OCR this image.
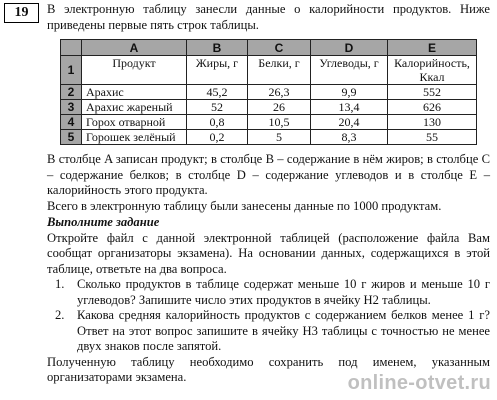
19	В электронную таблицу занесли данные о калорийности продуктов. Ниже приведены первые пять строк таблицы.

	A	B	C	D	E
1	Продукт	Жиры, г	Белки, г	Углеводы, г	Калорийность, Ккал
2	Арахис	45,2	26,3	9,9	552
3	Арахис жареный	52	26	13,4	626
4	Горох отварной	0,8	10,5	20,4	130
5	Горошек зелёный	0,2	5	8,3	55

В столбце A записан продукт; в столбце B – содержание в нём жиров; в столбце C – содержание белков; в столбце D – содержание углеводов и в столбце E – калорийность этого продукта.

Всего в электронную таблицу были занесены данные по 1000 продуктам.

Выполните задание

Откройте файл с данной электронной таблицей (расположение файла Вам сообщат организаторы экзамена). На основании данных, содержащихся в этой таблице, ответьте на два вопроса.

1. Сколько продуктов в таблице содержат меньше 10 г жиров и меньше 10 г углеводов? Запишите число этих продуктов в ячейку H2 таблицы.
2. Какова средняя калорийность продуктов с содержанием белков менее 1 г? Ответ на этот вопрос запишите в ячейку H3 таблицы с точностью не менее двух знаков после запятой.

Полученную таблицу необходимо сохранить под именем, указанным организаторами экзамена.	online-otvet.ru
